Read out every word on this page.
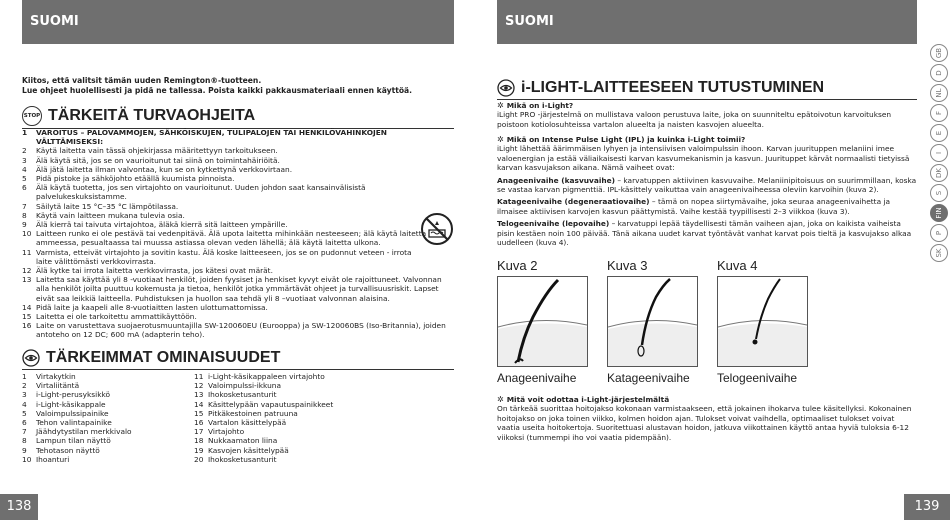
SUOMI
Kiitos, että valitsit tämän uuden Remington®-tuotteen.
Lue ohjeet huolellisesti ja pidä ne tallessa. Poista kaikki pakkausmateriaali ennen käyttöä.
STOP TÄRKEITÄ TURVAOHJEITA
1	VAROITUS – PALOVAMMOJEN, SÄHKÖISKUJEN, TULIPALOJEN TAI HENKILÖVAHINKOJEN VÄLTTÄMISEKSI:
2	Käytä laitetta vain tässä ohjekirjassa määritettyyn tarkoitukseen.
3	Älä käytä sitä, jos se on vaurioitunut tai siinä on toimintahäiriöitä.
4	Älä jätä laitetta ilman valvontaa, kun se on kytkettynä verkkovirtaan.
5	Pidä pistoke ja sähköjohto etäällä kuumista pinnoista.
6	Älä käytä tuotetta, jos sen virtajohto on vaurioitunut. Uuden johdon saat kansainvälisistä palvelukeskuksistamme.
7	Säilytä laite 15 °C–35 °C lämpötilassa.
8	Käytä vain laitteen mukana tulevia osia.
9	Älä kierrä tai taivuta virtajohtoa, äläkä kierrä sitä laitteen ympärille.
10 Laitteen runko ei ole pestävä tai vedenpitävä. Älä upota laitetta mihinkään nesteeseen; älä käytä laitetta ammeessa, pesualtaassa tai muussa astiassa olevan veden lähellä; älä käytä laitetta ulkona.
11 Varmista, etteivät virtajohto ja sovitin kastu. Älä koske laitteeseen, jos se on pudonnut veteen - irrota laite välittömästi verkkovirrasta.
12 Älä kytke tai irrota laitetta verkkovirrasta, jos kätesi ovat märät.
13 Laitetta saa käyttää yli 8 -vuotiaat henkilöt, joiden fyysiset ja henkiset kyvyt eivät ole rajoittuneet. Valvonnan alla henkilöt joilta puuttuu kokemusta ja tietoa, henkilöt jotka ymmärtävät ohjeet ja turvallisuusriskit. Lapset eivät saa leikkiä laitteella. Puhdistuksen ja huollon saa tehdä yli 8 –vuotiaat valvonnan alaisina.
14 Pidä laite ja kaapeli alle 8-vuotiaitten lasten ulottumattomissa.
15 Laitetta ei ole tarkoitettu ammattikäyttöön.
16 Laite on varustettava suojaerotusmuuntajilla SW-120060EU (Eurooppa) ja SW-120060BS (Iso-Britannia), joiden antoteho on 12 DC; 600 mA (adapterin teho).
TÄRKEIMMAT OMINAISUUDET
1	Virtakytkin
2	Virtaliitäntä
3	i-Light-perusyksikkö
4	i-Light-käsikappale
5	Valoimpulssipainike
6	Tehon valintapainike
7	Jäähdytystilan merkkivalo
8	Lampun tilan näyttö
9	Tehotason näyttö
10 Ihoanturi
11 i-Light-käsikappaleen virtajohto
12 Valoimpulssi-ikkuna
13 Ihokosketusanturit
14 Käsittelypään vapautuspainikkeet
15 Pitkäkestoinen patruuna
16 Vartalon käsittelypää
17 Virtajohto
18 Nukkaamaton liina
19 Kasvojen käsittelypää
20 Ihokosketusanturit
138
SUOMI
i-LIGHT-LAITTEESEEN TUTUSTUMINEN
✲ Mikä on i-Light?

iLight PRO -järjestelmä on mullistava valoon perustuva laite, joka on suunniteltu epätoivotun karvoituksen poistoon kotiolosuhteissa vartalon alueelta ja naisten kasvojen alueelta.

✲ Mikä on Intense Pulse Light (IPL) ja kuinka i-Light toimii?

iLight lähettää äärimmäisen lyhyen ja intensiivisen valoimpulssin ihoon. Karvan juurituppen melaniini imee valoenergian ja estää väliaikaisesti karvan kasvumekanismin ja kasvun. Juurituppet kärvät normaalisti tietyissä karvan kasvujakson aikana. Nämä vaiheet ovat:

Anageenivaihe (kasvuvaihe) – karvatuppen aktiivinen kasvuvaihe. Melaniinipitoisuus on suurimmillaan, koska se vastaa karvan pigmenttiä. IPL-käsittely vaikuttaa vain anageenivaiheessa oleviin karvoihin (kuva 2).

Katageenivaihe (degeneraatiovaihe) – tämä on nopea siirtymävaihe, joka seuraa anageenivaihetta ja ilmaisee aktiivisen karvojen kasvun päättymistä. Vaihe kestää tyypillisesti 2–3 viikkoa (kuva 3).

Telogeenivaihe (lepovaihe) – karvatuppi lepää täydellisesti tämän vaiheen ajan, joka on kaikista vaiheista pisin kestäen noin 100 päivää. Tänä aikana uudet karvat työntävät vanhat karvat pois tieltä ja kasvujakso alkaa uudelleen (kuva 4).

Kuva 2	Kuva 3	Kuva 4
Anageenivaihe	Katageenivaihe Telogeenivaihe
✲ Mitä voit odottaa i-Light-järjestelmältä

On tärkeää suorittaa hoitojakso kokonaan varmistaakseen, että jokainen ihokarva tulee käsitellyksi. Kokonainen hoitojakso on joka toinen viikko, kolmen hoidon ajan. Tulokset voivat vaihdella, optimaaliset tulokset voivat vaatia useita hoitokertoja. Suoritettuasi alustavan hoidon, jatkuva viikottainen käyttö antaa hyviä tuloksia 6-12 viikoksi (tummempi iho voi vaatia pidempään).

GB
D
NL
F
E
I
DK
S
FIN
P
SK
139
